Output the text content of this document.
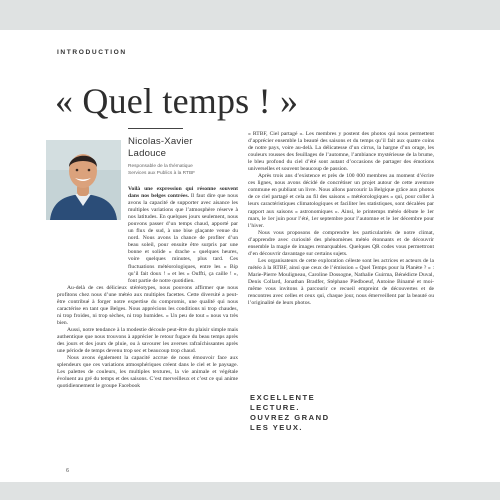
INTRODUCTION

« Quel temps ! »

Nicolas-Xavier
Ladouce

Responsable de la thématique
Services aux Publics à la RTBF

Voilà une expression qui résonne souvent dans nos belges contrées. Il faut dire que nous avons la capacité de supporter avec aisance les multiples variations que l’atmosphère réserve à nos latitudes. En quelques jours seulement, nous pouvons passer d’un temps chaud, apporté par un flux de sud, à une bise glaçante venue du nord. Nous avons la chance de profiter d’un beau soleil, pour ensuite être surpris par une bonne et solide « drache » quelques heures, voire quelques minutes, plus tard. Ces fluctuations météorologiques, entre les « Bip qu’il fait doux ! » et les « Ouffti, ça caille ! », font partie de notre quotidien.

Au-delà de ces délicieux stéréotypes, nous pouvons affirmer que nous profitons chez nous d’une météo aux multiples facettes. Cette diversité a peut-être contribué à forger notre expertise du compromis, une qualité qui nous caractérise en tant que Belges. Nous apprécions les conditions ni trop chaudes, ni trop froides, ni trop sèches, ni trop humides. « Un peu de tout » nous va très bien.

Aussi, notre tendance à la modestie découle peut-être du plaisir simple mais authentique que nous trouvons à apprécier le retour fugace du beau temps après des jours et des jours de pluie, ou à savourer les averses rafraîchissantes après une période de temps devenu trop sec et beaucoup trop chaud.

Nous avons également la capacité accrue de nous émouvoir face aux splendeurs que ces variations atmosphériques créent dans le ciel et le paysage. Les palettes de couleurs, les multiples textures, la vie animale et végétale évoluent au gré du temps et des saisons. C’est merveilleux et c’est ce qui anime quotidiennement le groupe Facebook

« RTBF, Ciel partagé ». Les membres y postent des photos qui nous permettent d’apprécier ensemble la beauté des saisons et du temps qu’il fait aux quatre coins de notre pays, voire au-delà. La délicatesse d’un cirrus, la hargne d’un orage, les couleurs rousses des feuillages de l’automne, l’ambiance mystérieuse de la brume, le bleu profond du ciel d’été sont autant d’occasions de partager des émotions universelles et souvent beaucoup de passion.

Après trois ans d’existence et près de 100 000 membres au moment d’écrire ces lignes, nous avons décidé de concrétiser un projet autour de cette aventure commune en publiant un livre. Nous allons parcourir la Belgique grâce aux photos de ce ciel partagé et cela au fil des saisons « météorologiques » qui, pour coller à leurs caractéristiques climatologiques et faciliter les statistiques, sont décalées par rapport aux saisons « astronomiques ». Ainsi, le printemps météo débute le 1er mars, le 1er juin pour l’été, 1er septembre pour l’automne et le 1er décembre pour l’hiver.

Nous vous proposons de comprendre les particularités de notre climat, d’apprendre avec curiosité des phénomènes météo étonnants et de découvrir ensemble la magie de images remarquables. Quelques QR codes vous permettront d’en découvrir davantage sur certains sujets.

Les organisateurs de cette exploration céleste sont les actrices et acteurs de la météo à la RTBF, ainsi que ceux de l’émission « Quel Temps pour la Planète ? » : Marie-Pierre Mouligneau, Caroline Dossogne, Nathalie Guirma, Bénédicte Duval, Denis Collard, Jonathan Bradfer, Stéphane Piedboeuf, Antoine Binamé et moi-même vous invitons à parcourir ce recueil empreint de découvertes et de rencontres avec celles et ceux qui, chaque jour, nous émerveillent par la beauté ou l’originalité de leurs photos.

EXCELLENTE
LECTURE.
OUVREZ GRAND
LES YEUX.

6
